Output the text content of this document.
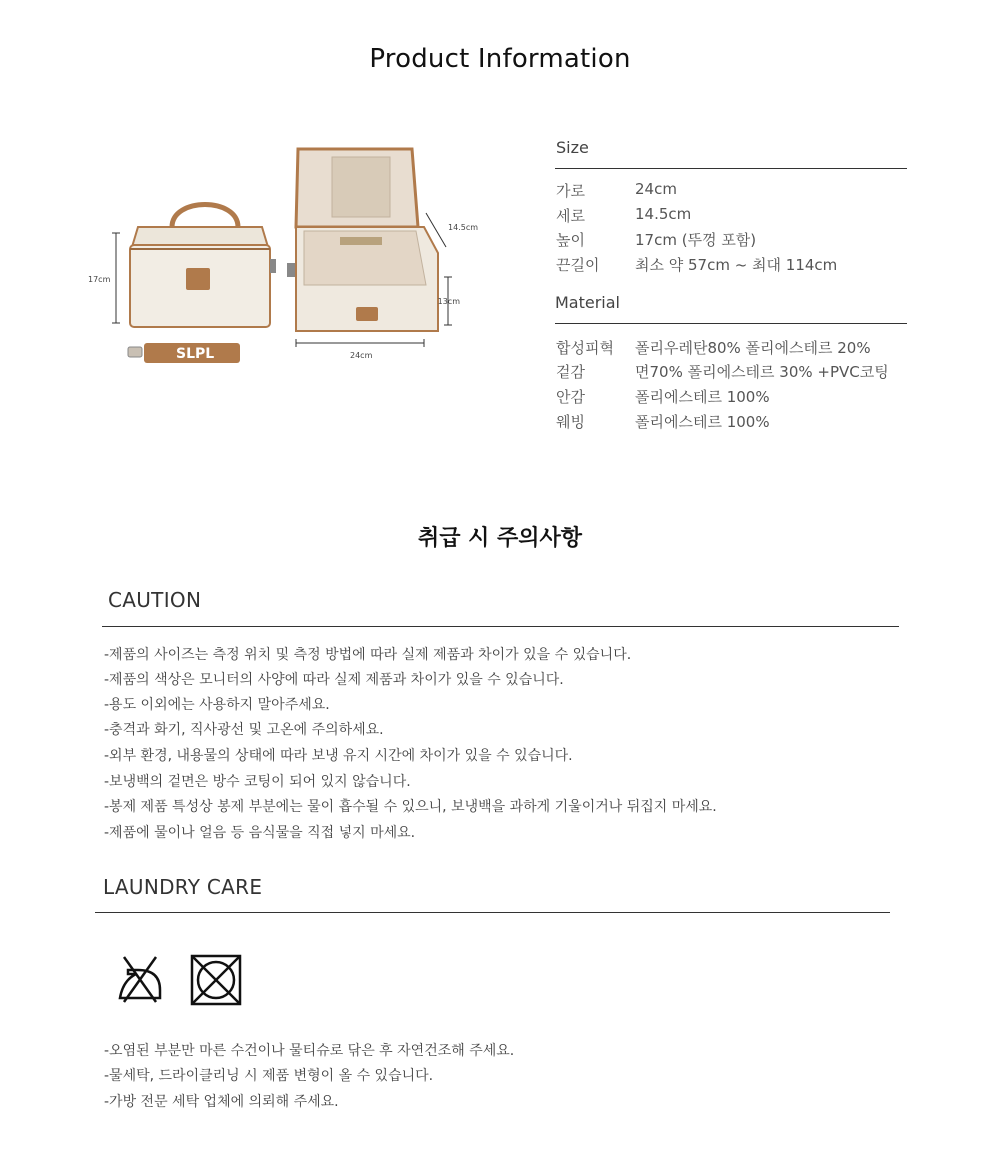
Product Information
SLPL
17cm
14.5cm
13cm
24cm
Size
가로	24cm
세로	14.5cm
높이	17cm (뚜껑 포함)
끈길이 최소 약 57cm ~ 최대 114cm
Material
합성피혁 폴리우레탄80% 폴리에스테르 20%
겉감	면70% 폴리에스테르 30% +PVC코팅
안감	폴리에스테르 100%
웨빙	폴리에스테르 100%
취급 시 주의사항
CAUTION
-제품의 사이즈는 측정 위치 및 측정 방법에 따라 실제 제품과 차이가 있을 수 있습니다.
-제품의 색상은 모니터의 사양에 따라 실제 제품과 차이가 있을 수 있습니다.
-용도 이외에는 사용하지 말아주세요.
-충격과 화기, 직사광선 및 고온에 주의하세요.
-외부 환경, 내용물의 상태에 따라 보냉 유지 시간에 차이가 있을 수 있습니다.
-보냉백의 겉면은 방수 코팅이 되어 있지 않습니다.
-봉제 제품 특성상 봉제 부분에는 물이 흡수될 수 있으니, 보냉백을 과하게 기울이거나 뒤집지 마세요.
-제품에 물이나 얼음 등 음식물을 직접 넣지 마세요.
LAUNDRY CARE
-오염된 부분만 마른 수건이나 물티슈로 닦은 후 자연건조해 주세요.
-물세탁, 드라이클리닝 시 제품 변형이 올 수 있습니다.
-가방 전문 세탁 업체에 의뢰해 주세요.
